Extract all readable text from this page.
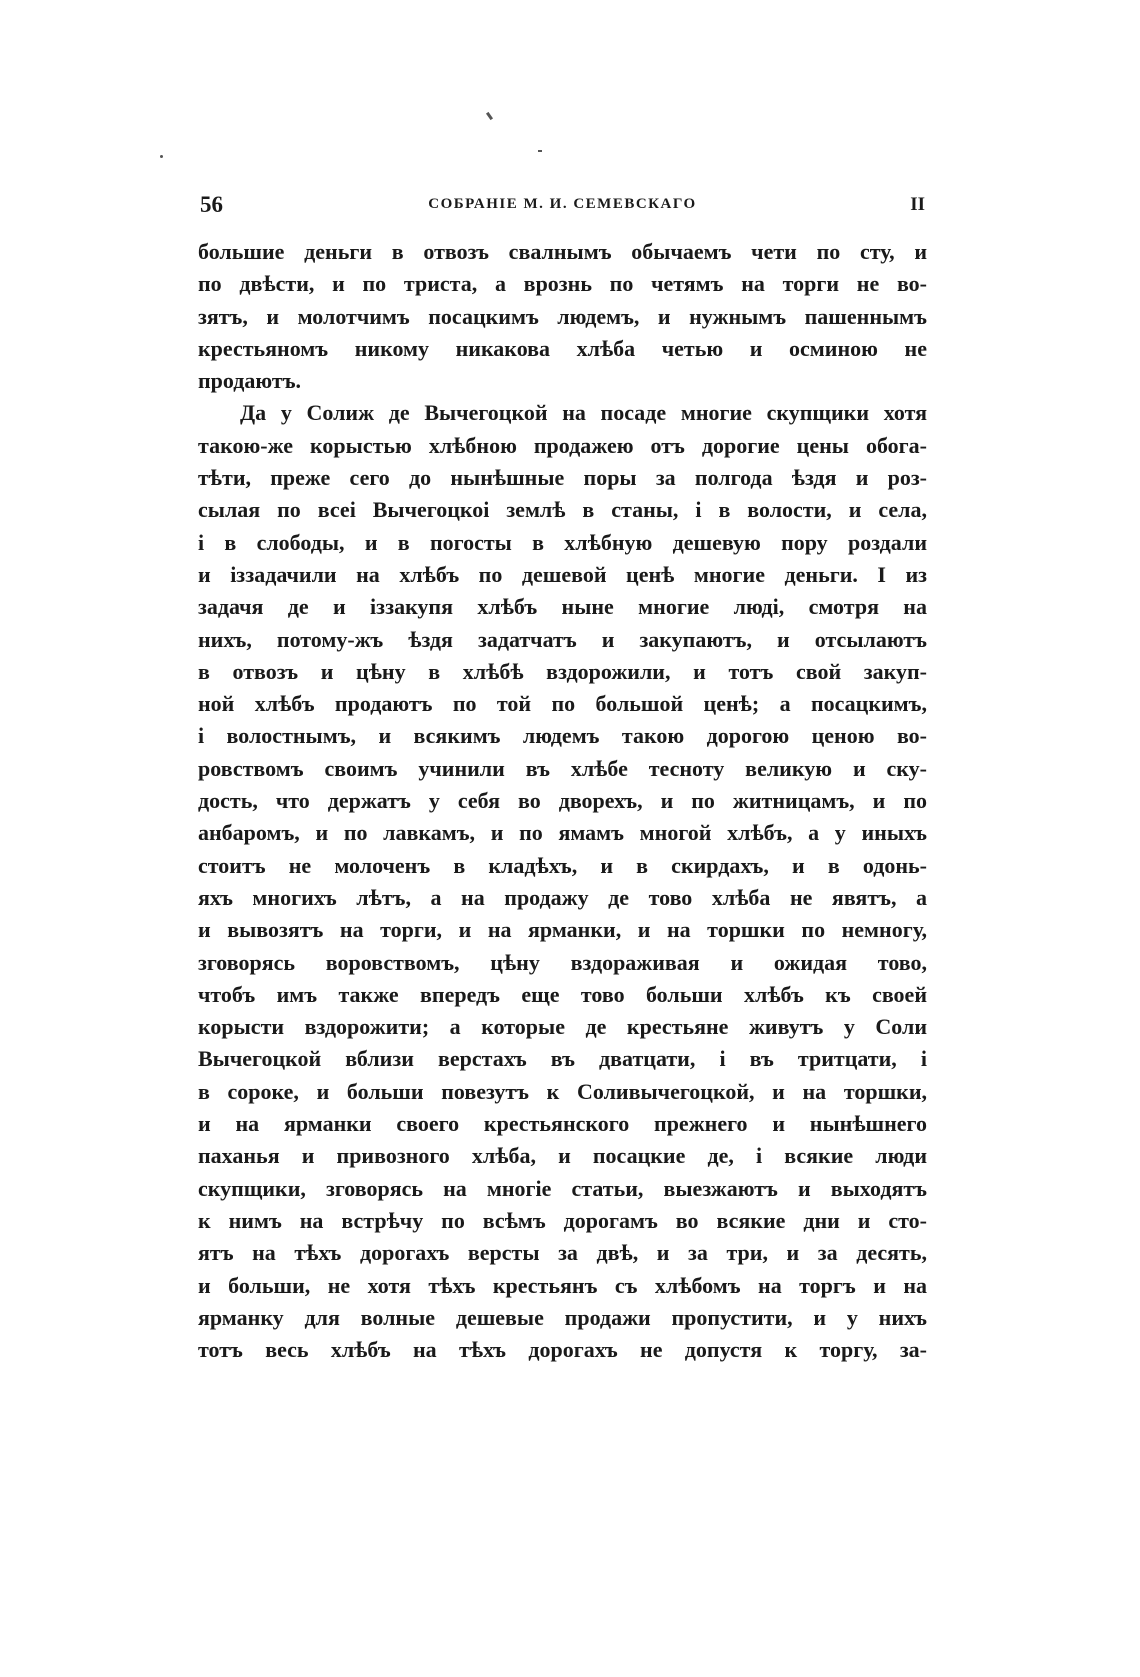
56	СОБРАНІЕ М. И. СЕМЕВСКАГО	II
большие деньги в отвозъ свалнымъ обычаемъ чети по сту, и
по двѣсти, и по триста, а врознь по четямъ на торги не во-
зятъ, и молотчимъ посацкимъ людемъ, и нужнымъ пашеннымъ
крестьяномъ никому никакова хлѣба четью и осминою не
продаютъ.
Да у Солиж де Вычегоцкой на посаде многие скупщики хотя
такою-же корыстью хлѣбною продажею отъ дорогие цены обога-
тѣти, преже сего до нынѣшные поры за полгода ѣздя и роз-
сылая по всеі Вычегоцкоі землѣ в станы, і в волости, и села,
і в слободы, и в погосты в хлѣбную дешевую пору роздали
и іззадачили на хлѣбъ по дешевой ценѣ многие деньги. І из
задачя де и іззакупя хлѣбъ ныне многие люді, смотря на
нихъ, потому-жъ ѣздя задатчатъ и закупаютъ, и отсылаютъ
в отвозъ и цѣну в хлѣбѣ вздорожили, и тотъ свой закуп-
ной хлѣбъ продаютъ по той по большой ценѣ; а посацкимъ,
і волостнымъ, и всякимъ людемъ такою дорогою ценою во-
ровствомъ своимъ учинили въ хлѣбе тесноту великую и ску-
дость, что держатъ у себя во дворехъ, и по житницамъ, и по
анбаромъ, и по лавкамъ, и по ямамъ многой хлѣбъ, а у иныхъ
стоитъ не молоченъ в кладѣхъ, и в скирдахъ, и в одонь-
яхъ многихъ лѣтъ, а на продажу де тово хлѣба не явятъ, а
и вывозятъ на торги, и на ярманки, и на торшки по немногу,
зговорясь воровствомъ, цѣну вздораживая и ожидая тово,
чтобъ имъ также впередъ еще тово больши хлѣбъ къ своей
корысти вздорожити; а которые де крестьяне живутъ у Соли
Вычегоцкой вблизи верстахъ въ дватцати, і въ тритцати, і
в сороке, и больши повезутъ к Соливычегоцкой, и на торшки,
и на ярманки своего крестьянского прежнего и нынѣшнего
паханья и привозного хлѣба, и посацкие де, і всякие люди
скупщики, зговорясь на многіе статьи, выезжаютъ и выходятъ
к нимъ на встрѣчу по всѣмъ дорогамъ во всякие дни и сто-
ятъ на тѣхъ дорогахъ версты за двѣ, и за три, и за десять,
и больши, не хотя тѣхъ крестьянъ съ хлѣбомъ на торгъ и на
ярманку для волные дешевые продажи пропустити, и у нихъ
тотъ весь хлѣбъ на тѣхъ дорогахъ не допустя к торгу, за-
